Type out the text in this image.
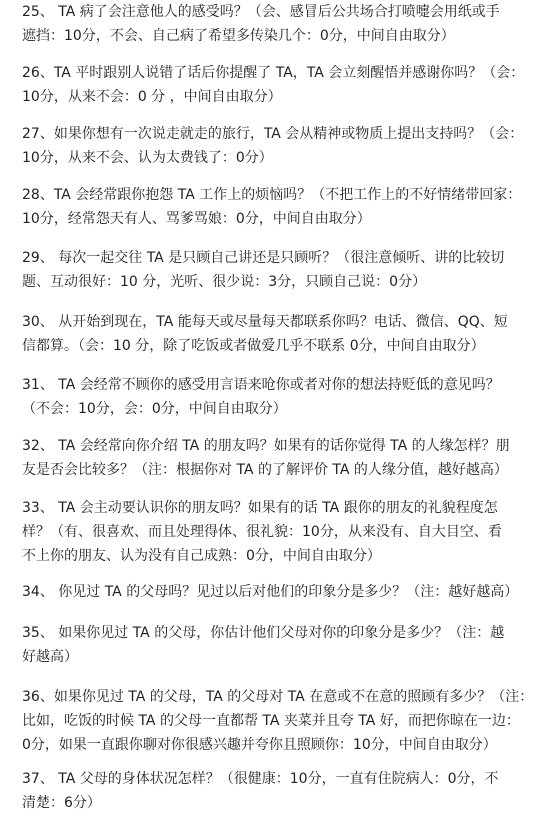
25、 TA 病了会注意他人的感受吗？（会、感冒后公共场合打喷嚏会用纸或手
遮挡：10分，不会、自己病了希望多传染几个：0分，中间自由取分）
26、TA 平时跟别人说错了话后你提醒了 TA，TA 会立刻醒悟并感谢你吗？（会：
10分，从来不会：0 分 ，中间自由取分）
27、如果你想有一次说走就走的旅行，TA 会从精神或物质上提出支持吗？（会：
10分，从来不会、认为太费钱了：0分）
28、TA 会经常跟你抱怨 TA 工作上的烦恼吗？（不把工作上的不好情绪带回家：
10分，经常怨天有人、骂爹骂娘：0分，中间自由取分）
29、 每次一起交往 TA 是只顾自己讲还是只顾听？（很注意倾听、讲的比较切
题、互动很好：10 分，光听、很少说：3分，只顾自己说：0分）
30、 从开始到现在，TA 能每天或尽量每天都联系你吗？电话、微信、QQ、短
信都算。（会：10 分，除了吃饭或者做爱几乎不联系 0分，中间自由取分）
31、 TA 会经常不顾你的感受用言语来呛你或者对你的想法持贬低的意见吗？
（不会：10分，会：0分，中间自由取分）
32、 TA 会经常向你介绍 TA 的朋友吗？如果有的话你觉得 TA 的人缘怎样？朋
友是否会比较多？（注：根据你对 TA 的了解评价 TA 的人缘分值，越好越高）
33、 TA 会主动要认识你的朋友吗？如果有的话 TA 跟你的朋友的礼貌程度怎
样？（有、很喜欢、而且处理得体、很礼貌：10分，从来没有、自大目空、看
不上你的朋友、认为没有自己成熟：0分，中间自由取分）
34、 你见过 TA 的父母吗？见过以后对他们的印象分是多少？（注：越好越高）
35、 如果你见过 TA 的父母，你估计他们父母对你的印象分是多少？（注：越
好越高）
36、如果你见过 TA 的父母，TA 的父母对 TA 在意或不在意的照顾有多少？（注：
比如，吃饭的时候 TA 的父母一直都帮 TA 夹菜并且夸 TA 好，而把你晾在一边：
0分，如果一直跟你聊对你很感兴趣并夸你且照顾你：10分，中间自由取分）
37、 TA 父母的身体状况怎样？（很健康：10分，一直有住院病人：0分，不
清楚：6分）
